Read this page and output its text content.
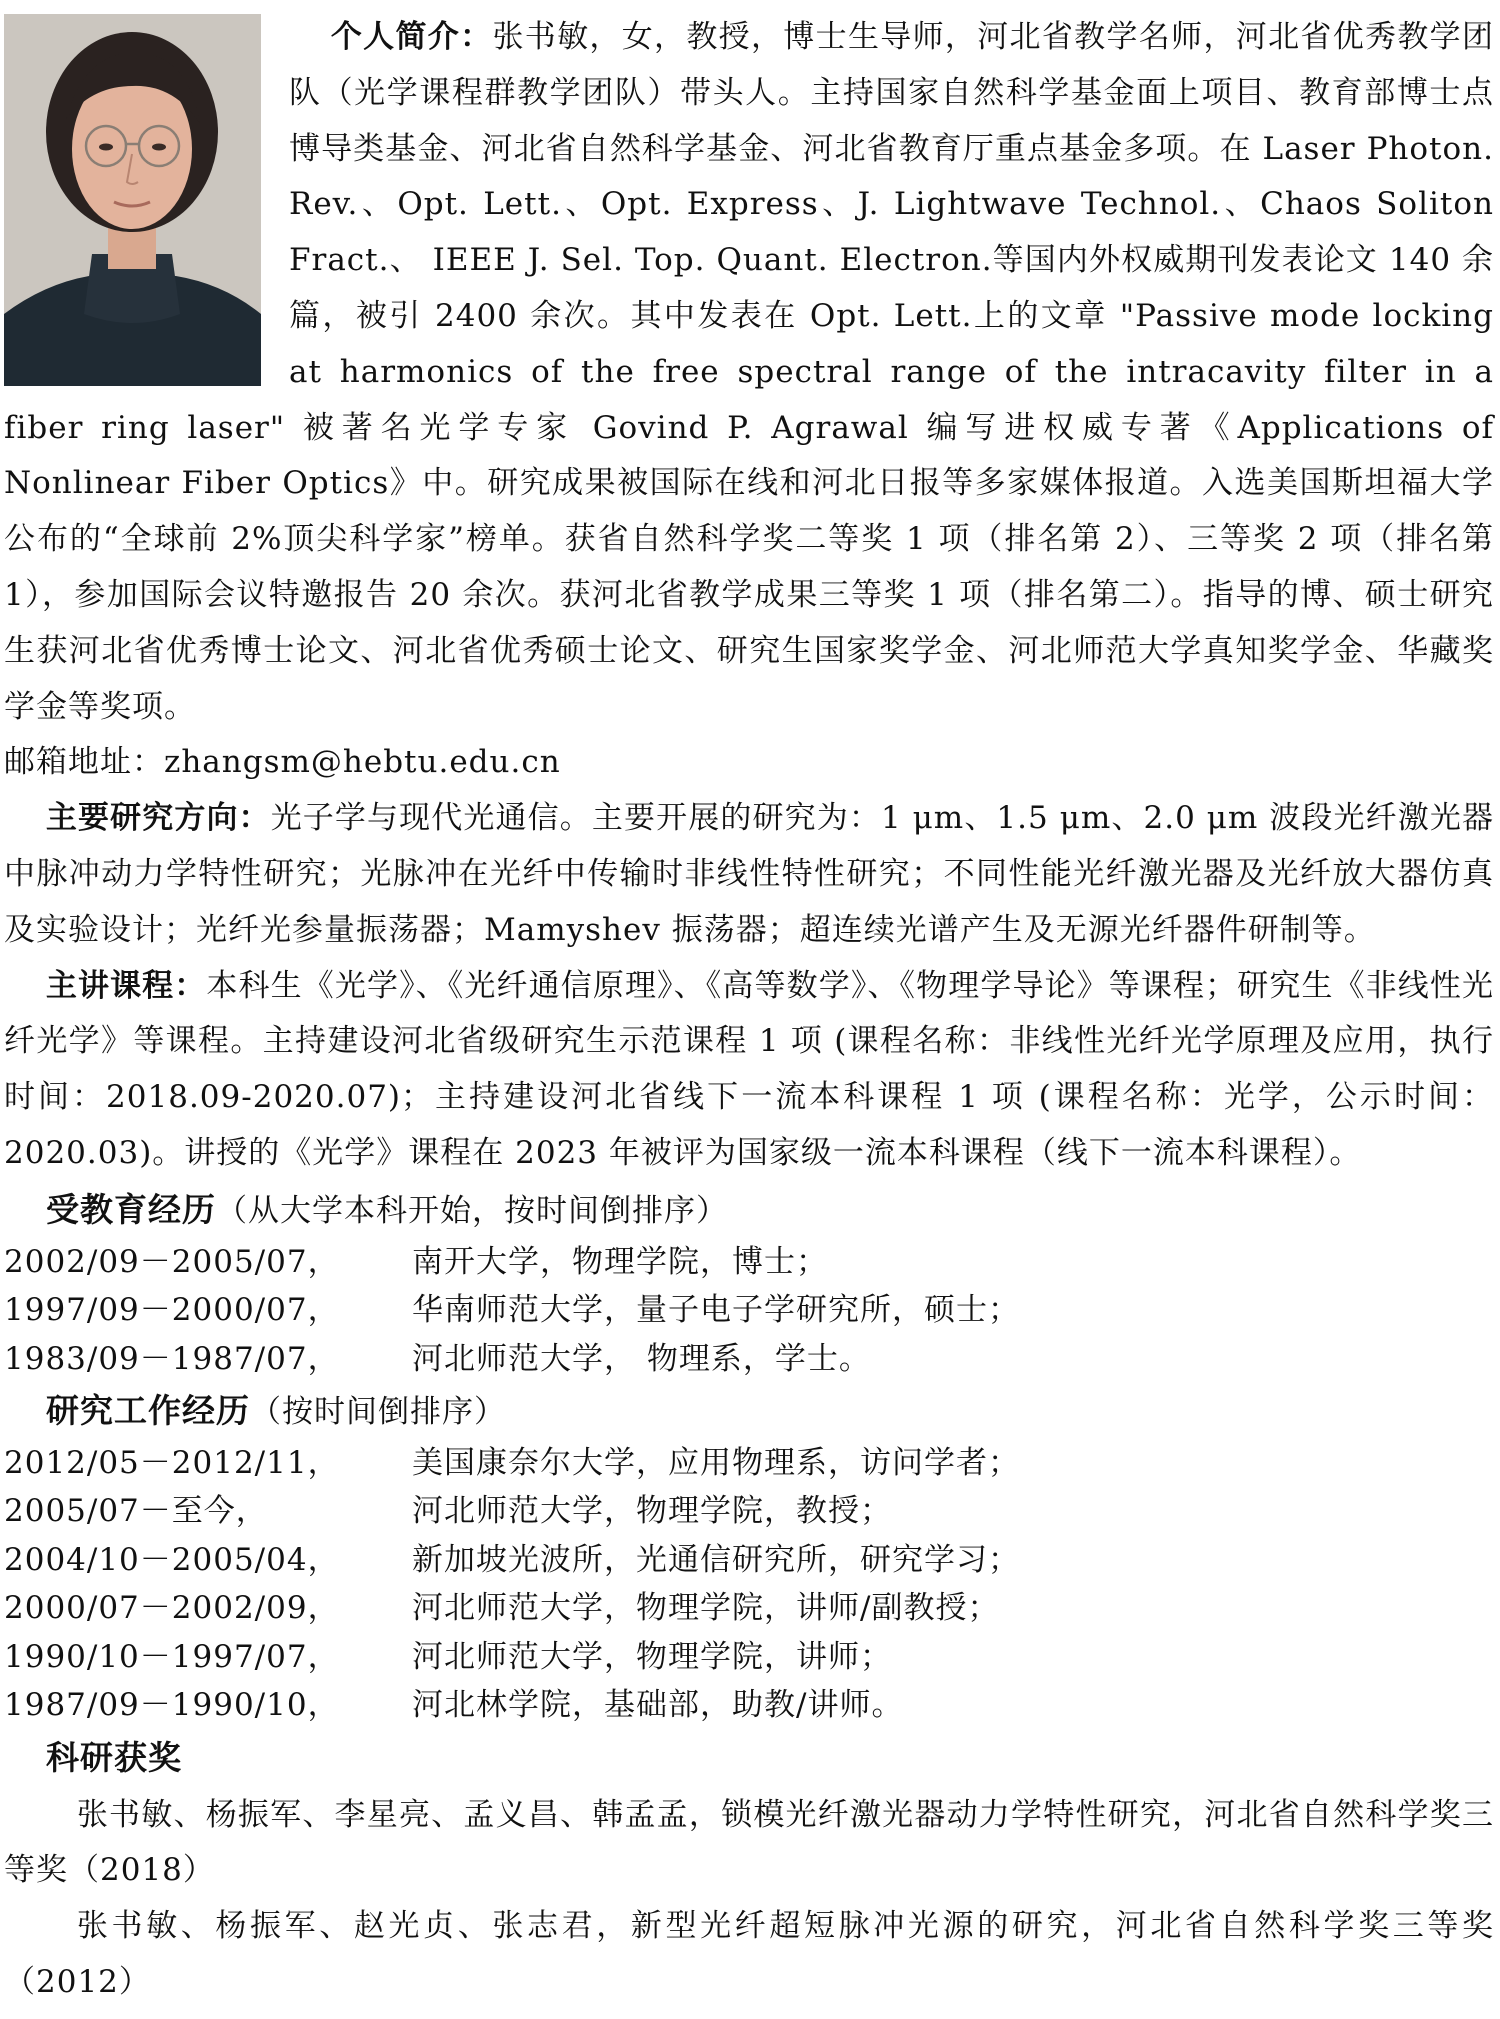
个人简介：张书敏，女，教授，博士生导师，河北省教学名师，河北省优秀教学团队（光学课程群教学团队）带头人。主持国家自然科学基金面上项目、教育部博士点博导类基金、河北省自然科学基金、河北省教育厅重点基金多项。在 Laser Photon. Rev.、Opt. Lett.、Opt. Express、J. Lightwave Technol.、Chaos Soliton Fract.、 IEEE J. Sel. Top. Quant. Electron.等国内外权威期刊发表论文 140 余篇，被引 2400 余次。其中发表在 Opt. Lett.上的文章 "Passive mode locking at harmonics of the free spectral range of the intracavity filter in a fiber ring laser" 被著名光学专家 Govind P. Agrawal 编写进权威专著《Applications of Nonlinear Fiber Optics》中。研究成果被国际在线和河北日报等多家媒体报道。入选美国斯坦福大学公布的“全球前 2%顶尖科学家”榜单。获省自然科学奖二等奖 1 项（排名第 2）、三等奖 2 项（排名第 1），参加国际会议特邀报告 20 余次。获河北省教学成果三等奖 1 项（排名第二）。指导的博、硕士研究生获河北省优秀博士论文、河北省优秀硕士论文、研究生国家奖学金、河北师范大学真知奖学金、华藏奖学金等奖项。

邮箱地址：zhangsm@hebtu.edu.cn

主要研究方向：光子学与现代光通信。主要开展的研究为：1 μm、1.5 μm、2.0 μm 波段光纤激光器中脉冲动力学特性研究；光脉冲在光纤中传输时非线性特性研究；不同性能光纤激光器及光纤放大器仿真及实验设计；光纤光参量振荡器；Mamyshev 振荡器；超连续光谱产生及无源光纤器件研制等。

主讲课程：本科生《光学》、《光纤通信原理》、《高等数学》、《物理学导论》等课程；研究生《非线性光纤光学》等课程。主持建设河北省级研究生示范课程 1 项 (课程名称：非线性光纤光学原理及应用，执行时间：2018.09-2020.07)；主持建设河北省线下一流本科课程 1 项 (课程名称：光学，公示时间：2020.03)。讲授的《光学》课程在 2023 年被评为国家级一流本科课程（线下一流本科课程）。

受教育经历（从大学本科开始，按时间倒排序）

2002/09－2005/07，	南开大学，物理学院，博士；
1997/09－2000/07，	华南师范大学，量子电子学研究所，硕士；
1983/09－1987/07，	河北师范大学， 物理系，学士。

研究工作经历（按时间倒排序）

2012/05－2012/11，	美国康奈尔大学，应用物理系，访问学者；
2005/07－至今，	河北师范大学，物理学院，教授；
2004/10－2005/04，	新加坡光波所，光通信研究所，研究学习；
2000/07－2002/09，	河北师范大学，物理学院，讲师/副教授；
1990/10－1997/07，	河北师范大学，物理学院，讲师；
1987/09－1990/10，	河北林学院，基础部，助教/讲师。

科研获奖

张书敏、杨振军、李星亮、孟义昌、韩孟孟，锁模光纤激光器动力学特性研究，河北省自然科学奖三等奖（2018）

张书敏、杨振军、赵光贞、张志君，新型光纤超短脉冲光源的研究，河北省自然科学奖三等奖（2012）
